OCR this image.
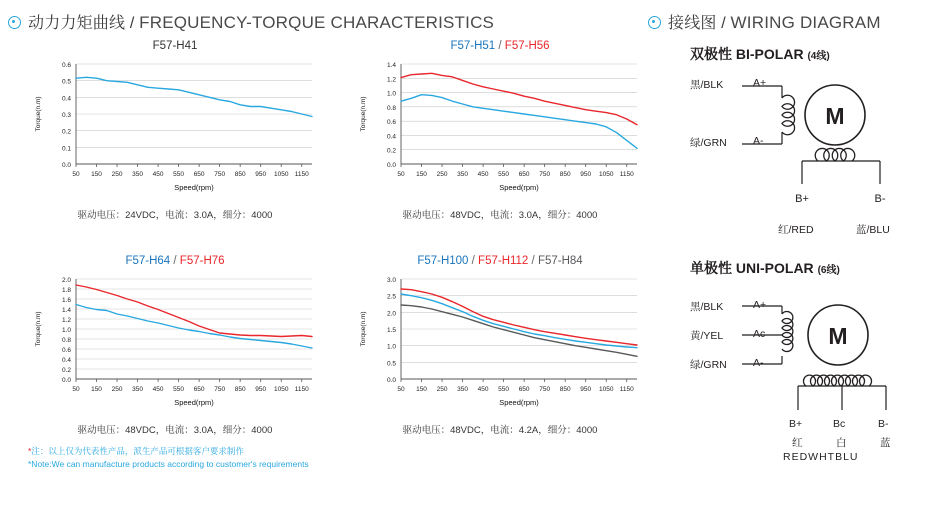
动力力矩曲线 / FREQUENCY-TORQUE CHARACTERISTICS	接线图 / WIRING DIAGRAM
F57-H41
0.0
0.1
0.2
0.3
0.4
0.5
0.6
50 150 250 350 450 550 650 750 850 950 1050 1150
Torque(n.m)
Speed(rpm)
驱动电压：24VDC，电流：3.0A，细分：4000
F57-H51 / F57-H56
0.0
0.2
0.4
0.6
0.8
1.0
1.2
1.4
50 150 250 350 450 550 650 750 850 950 1050 1150
Torque(n.m)
Speed(rpm)
驱动电压：48VDC，电流：3.0A，细分：4000
F57-H64 / F57-H76
0.0
0.2
0.4
0.6
0.8
1.0
1.2
1.4
1.6
1.8
2.0
50 150 250 350 450 550 650 750 850 950 1050 1150
Torque(n.m)
Speed(rpm)
驱动电压：48VDC，电流：3.0A，细分：4000
F57-H100 / F57-H112 / F57-H84
0.0
0.5
1.0
1.5
2.0
2.5
3.0
50 150 250 350 450 550 650 750 850 950 1050 1150
Torque(n.m)
Speed(rpm)
驱动电压：48VDC，电流：4.2A，细分：4000
*注：以上仅为代表性产品，派生产品可根据客户要求制作
*Note:We can manufacture products according to customer's requirements
双极性 BI-POLAR (4线)
黑/BLK
绿/GRN
A+
A-
M
B+	B-
红/RED	蓝/BLU
单极性 UNI-POLAR (6线)
黑/BLK
黄/YEL
绿/GRN
A+
Ac
A-
M
B+	Bc	B-
红	白	蓝
REDWHTBLU
